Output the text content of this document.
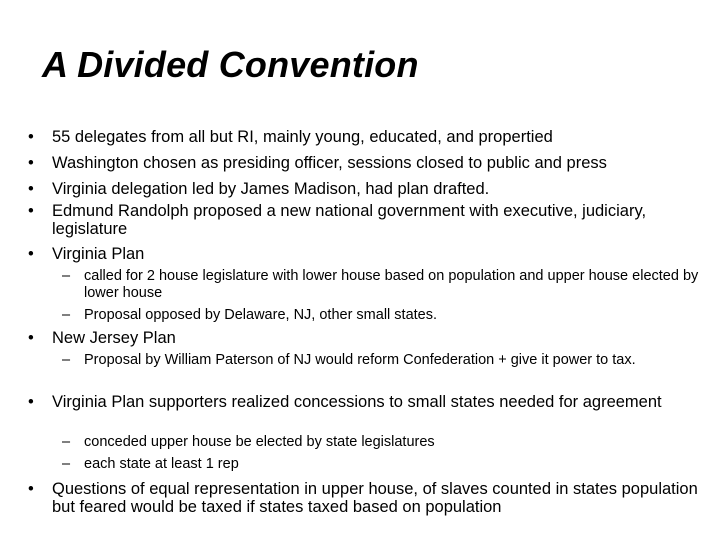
A Divided Convention
• 55 delegates from all but RI, mainly young, educated, and propertied
• Washington chosen as presiding officer, sessions closed to public and press
• Virginia delegation led by James Madison, had plan drafted.
• Edmund Randolph proposed a new national government with executive, judiciary, legislature
• Virginia Plan
– called for 2 house legislature with lower house based on population and upper house elected by lower house
– Proposal opposed by Delaware, NJ, other small states.
• New Jersey Plan
– Proposal by William Paterson of NJ would reform Confederation + give it power to tax.
• Virginia Plan supporters realized concessions to small states needed for agreement
– conceded upper house be elected by state legislatures
– each state at least 1 rep
• Questions of equal representation in upper house, of slaves counted in states population but feared would be taxed if states taxed based on population
